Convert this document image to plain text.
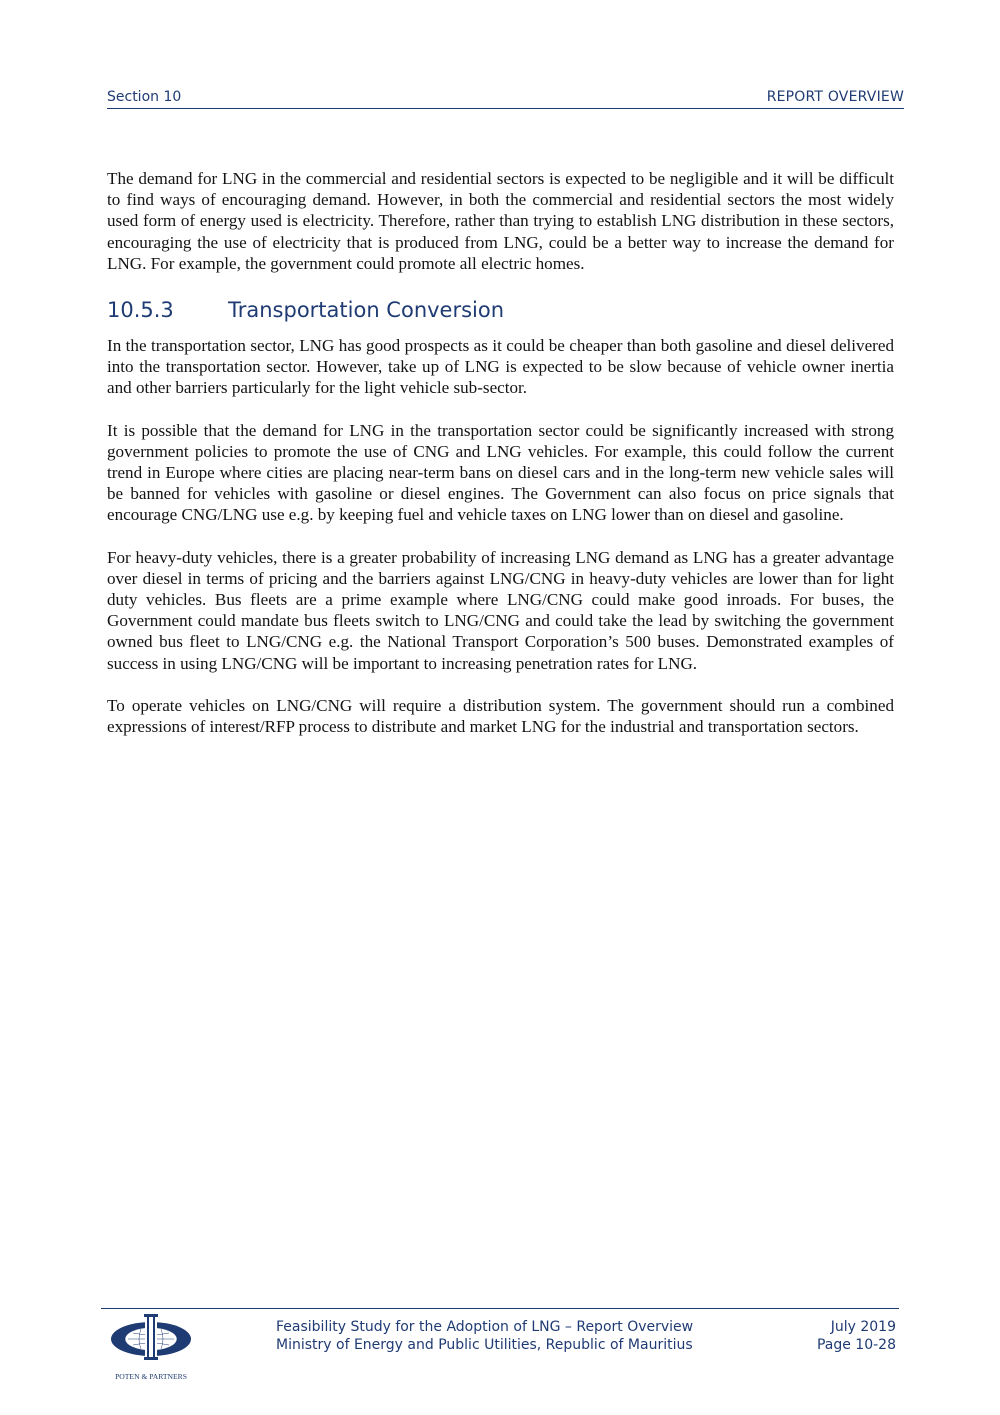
Section 10	REPORT OVERVIEW

The demand for LNG in the commercial and residential sectors is expected to be negligible and it will be difficult to find ways of encouraging demand. However, in both the commercial and residential sectors the most widely used form of energy used is electricity. Therefore, rather than trying to establish LNG distribution in these sectors, encouraging the use of electricity that is produced from LNG, could be a better way to increase the demand for LNG. For example, the government could promote all electric homes.

10.5.3	Transportation Conversion

In the transportation sector, LNG has good prospects as it could be cheaper than both gasoline and diesel delivered into the transportation sector. However, take up of LNG is expected to be slow because of vehicle owner inertia and other barriers particularly for the light vehicle sub-sector.

It is possible that the demand for LNG in the transportation sector could be significantly increased with strong government policies to promote the use of CNG and LNG vehicles. For example, this could follow the current trend in Europe where cities are placing near-term bans on diesel cars and in the long-term new vehicle sales will be banned for vehicles with gasoline or diesel engines. The Government can also focus on price signals that encourage CNG/LNG use e.g. by keeping fuel and vehicle taxes on LNG lower than on diesel and gasoline.

For heavy-duty vehicles, there is a greater probability of increasing LNG demand as LNG has a greater advantage over diesel in terms of pricing and the barriers against LNG/CNG in heavy-duty vehicles are lower than for light duty vehicles. Bus fleets are a prime example where LNG/CNG could make good inroads. For buses, the Government could mandate bus fleets switch to LNG/CNG and could take the lead by switching the government owned bus fleet to LNG/CNG e.g. the National Transport Corporation’s 500 buses. Demonstrated examples of success in using LNG/CNG will be important to increasing penetration rates for LNG.

To operate vehicles on LNG/CNG will require a distribution system. The government should run a combined expressions of interest/RFP process to distribute and market LNG for the industrial and transportation sectors.

POTEN & PARTNERS
Feasibility Study for the Adoption of LNG – Report Overview
Ministry of Energy and Public Utilities, Republic of Mauritius
July 2019
Page 10-28
